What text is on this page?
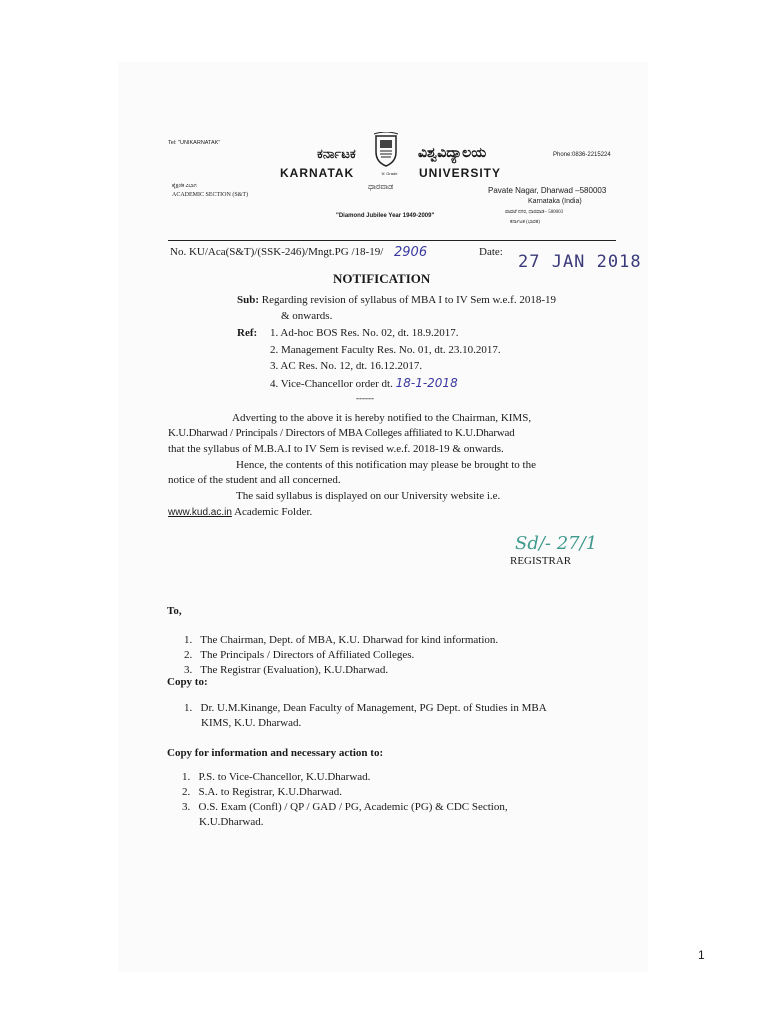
Tel: "UNIKARNATAK"
ಕರ್ನಾಟಕ
'A' Grade
ವಿಶ್ವವಿದ್ಯಾಲಯ	Phone:0836-2215224
KARNATAK	UNIVERSITY
ಧಾರವಾಡ
ಶೈಕ್ಷಣಿಕ ವಿಭಾಗ
ACADEMIC SECTION (S&T)	Pavate Nagar, Dharwad –580003
Karnataka (India)
ಪಾವಟೆ ನಗರ, ಧಾರವಾಡ– 580003
ಕರ್ನಾಟಕ (ಭಾರತ)
"Diamond Jubilee Year 1949-2009"
No. KU/Aca(S&T)/(SSK-246)/Mngt.PG /18-19/ 2906	Date: 27 JAN 2018
NOTIFICATION
Sub: Regarding revision of syllabus of MBA I to IV Sem w.e.f. 2018-19
& onwards.
Ref: 1. Ad-hoc BOS Res. No. 02, dt. 18.9.2017.
2. Management Faculty Res. No. 01, dt. 23.10.2017.
3. AC Res. No. 12, dt. 16.12.2017.
4. Vice-Chancellor order dt. 18-1-2018
------
Adverting to the above it is hereby notified to the Chairman, KIMS,
K.U.Dharwad / Principals / Directors of MBA Colleges affiliated to K.U.Dharwad
that the syllabus of M.B.A.I to IV Sem is revised w.e.f. 2018-19 & onwards.
Hence, the contents of this notification may please be brought to the
notice of the student and all concerned.
The said syllabus is displayed on our University website i.e.
www.kud.ac.in Academic Folder.
Sd/- 27/1
REGISTRAR
To,
1.   The Chairman, Dept. of MBA, K.U. Dharwad for kind information.
2.   The Principals / Directors of Affiliated Colleges.
3.   The Registrar (Evaluation), K.U.Dharwad.
Copy to:
1.   Dr. U.M.Kinange, Dean Faculty of Management, PG Dept. of Studies in MBA
KIMS, K.U. Dharwad.
Copy for information and necessary action to:
1.   P.S. to Vice-Chancellor, K.U.Dharwad.
2.   S.A. to Registrar, K.U.Dharwad.
3.   O.S. Exam (Confl) / QP / GAD / PG, Academic (PG) & CDC Section,
K.U.Dharwad.
1
